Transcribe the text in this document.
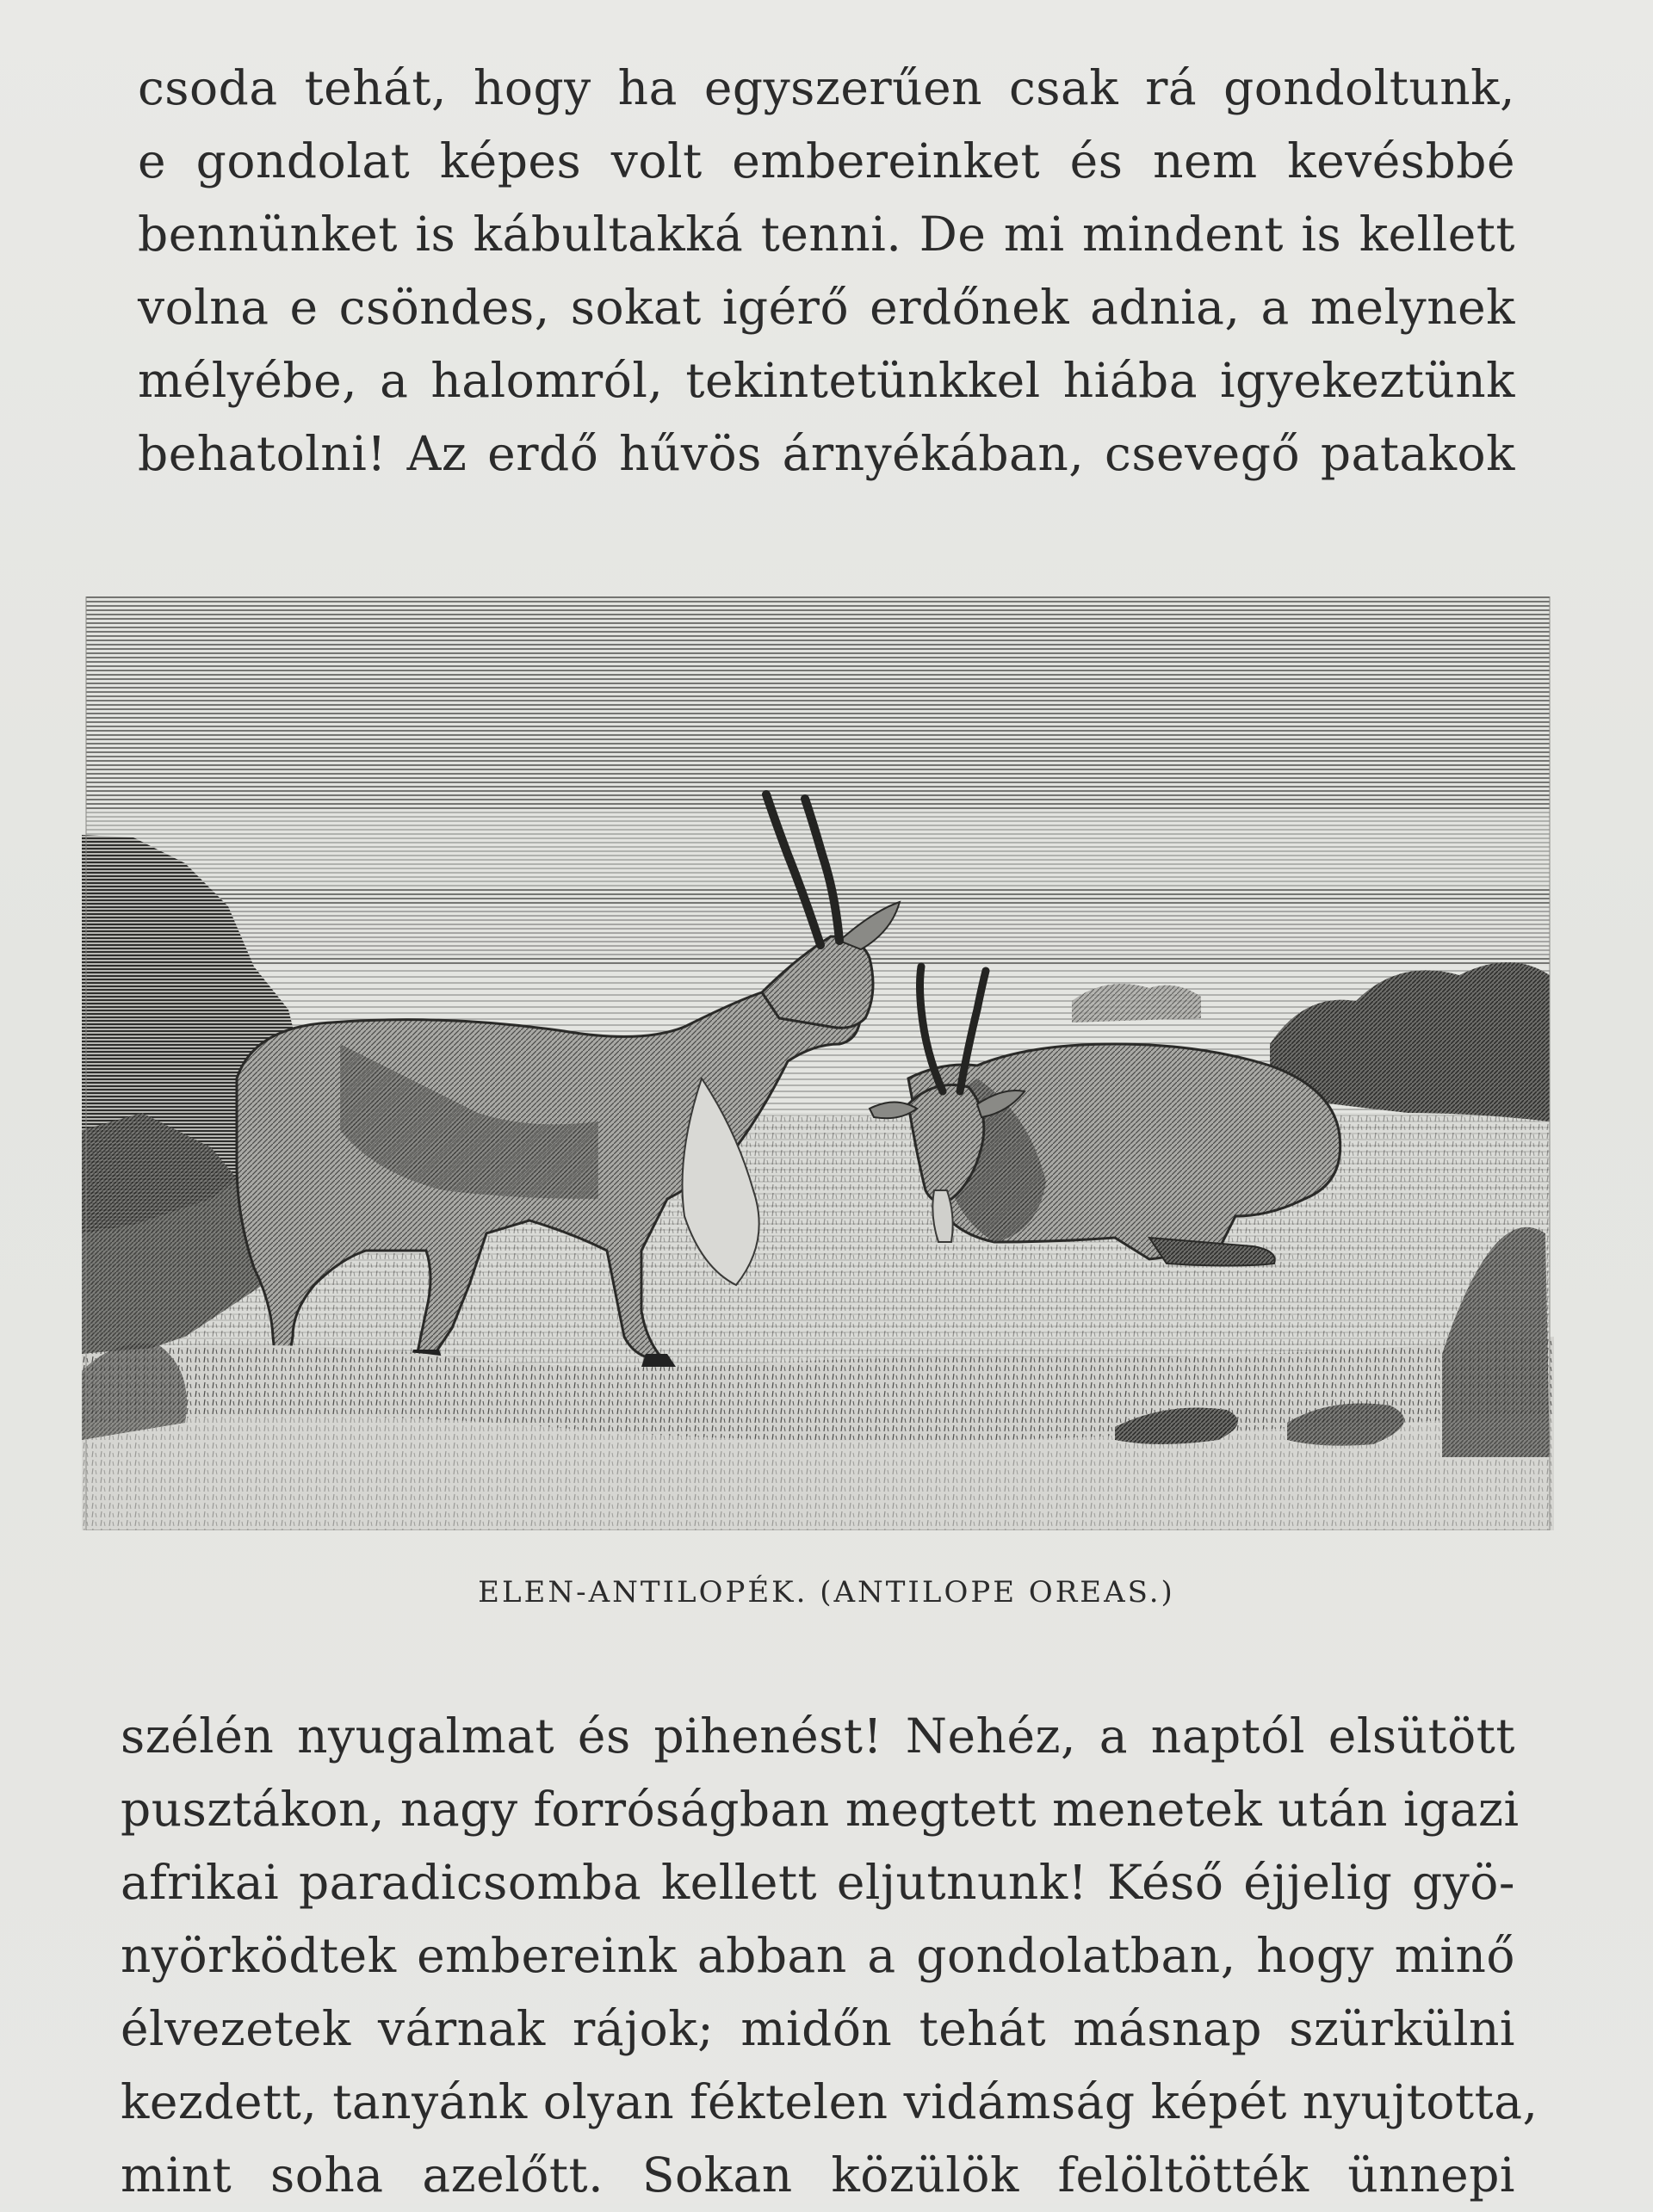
csoda tehát, hogy ha egyszerűen csak rá gondoltunk,
e gondolat képes volt embereinket és nem kevésbbé
bennünket is kábultakká tenni. De mi mindent is kellett
volna e csöndes, sokat igérő erdőnek adnia, a melynek
mélyébe, a halomról, tekintetünkkel hiába igyekeztünk
behatolni! Az erdő hűvös árnyékában, csevegő patakok
ELEN-ANTILOPÉK. (ANTILOPE OREAS.)
szélén nyugalmat és pihenést! Nehéz, a naptól elsütött
pusztákon, nagy forróságban megtett menetek után igazi
afrikai paradicsomba kellett eljutnunk! Késő éjjelig gyö-
nyörködtek embereink abban a gondolatban, hogy minő
élvezetek várnak rájok; midőn tehát másnap szürkülni
kezdett, tanyánk olyan féktelen vidámság képét nyujtotta,
mint soha azelőtt. Sokan közülök felöltötték ünnepi
